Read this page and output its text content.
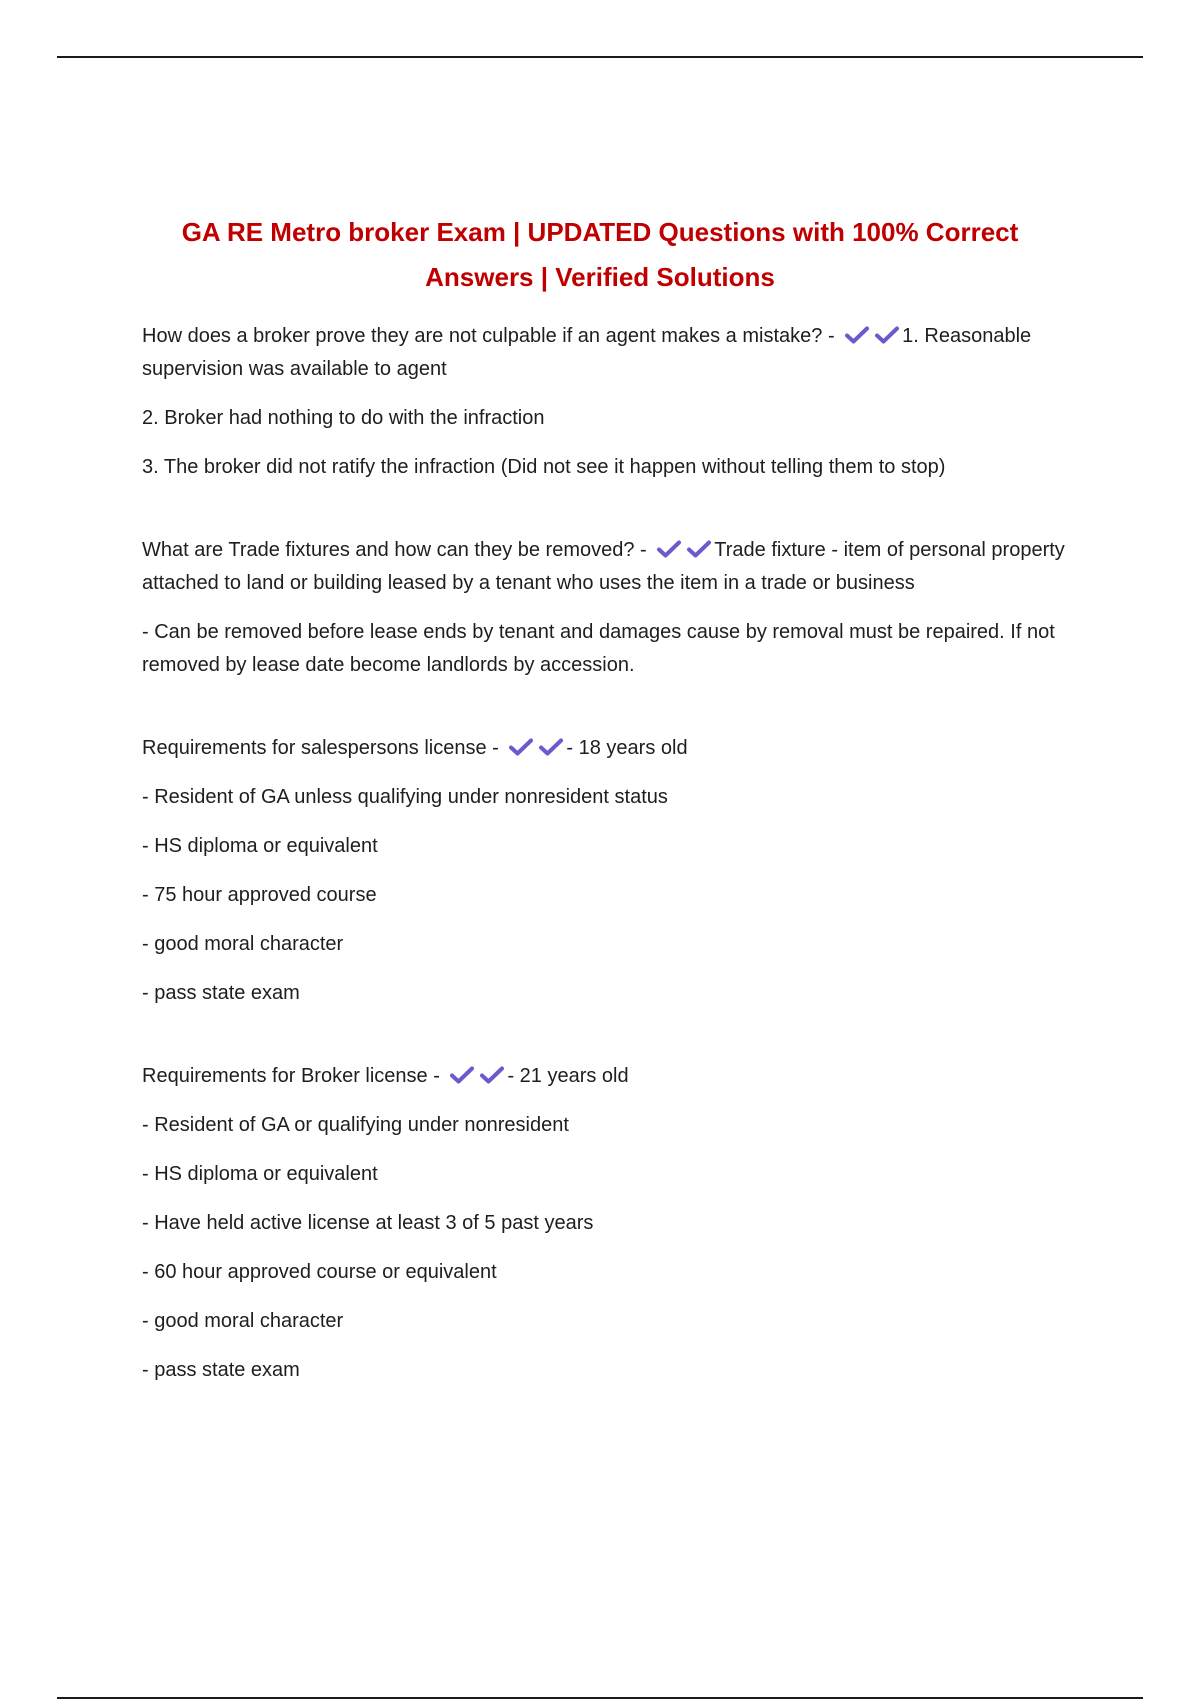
GA RE Metro broker Exam | UPDATED Questions with 100% Correct Answers | Verified Solutions

How does a broker prove they are not culpable if an agent makes a mistake? -	1. Reasonable supervision was available to agent

2. Broker had nothing to do with the infraction

3. The broker did not ratify the infraction (Did not see it happen without telling them to stop)

What are Trade fixtures and how can they be removed? -	Trade fixture - item of personal property attached to land or building leased by a tenant who uses the item in a trade or business

- Can be removed before lease ends by tenant and damages cause by removal must be repaired. If not removed by lease date become landlords by accession.

Requirements for salespersons license -	- 18 years old

- Resident of GA unless qualifying under nonresident status

- HS diploma or equivalent

- 75 hour approved course

- good moral character

- pass state exam

Requirements for Broker license -	- 21 years old

- Resident of GA or qualifying under nonresident

- HS diploma or equivalent

- Have held active license at least 3 of 5 past years

- 60 hour approved course or equivalent

- good moral character

- pass state exam
